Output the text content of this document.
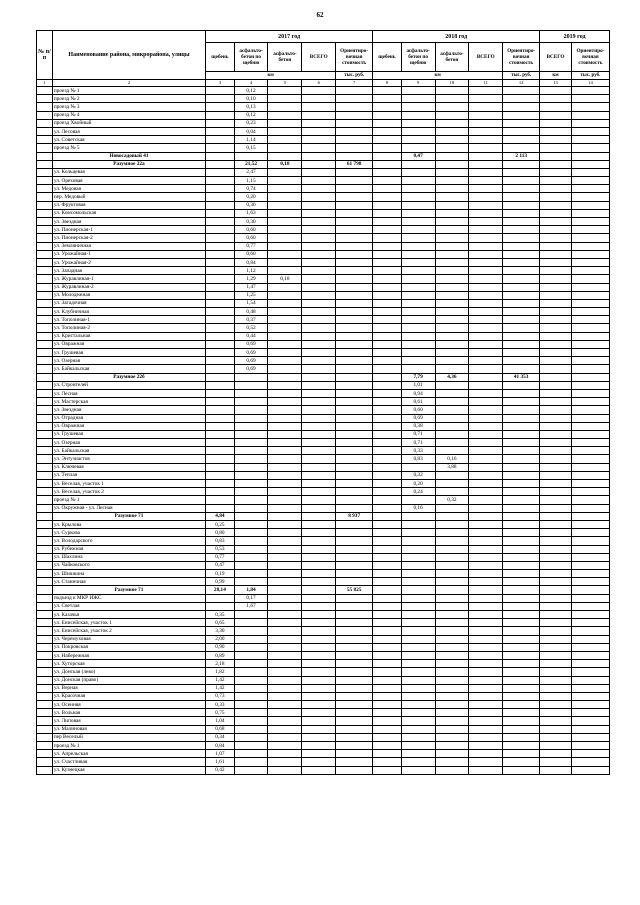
62
№ п/п	Наименование района, микрорайона, улицы	2017 год					2018 год					2019 год	
		щебень	асфальто-бетон по щебню	асфальто-бетон	ВСЕГО	Ориентиро-вочная стоимость	щебень	асфальто-бетон по щебню	асфальто-бетон	ВСЕГО	Ориентиро-вочная стоимость	ВСЕГО	Ориентиро-вочная стоимость
		км				тыс. руб.	км				тыс. руб.	км	тыс. руб.
1	2	3	4	5	6	7	8	9	10	11	12	13	14
	проезд № 1		0,12										
	проезд № 2		0,10										
	проезд № 3		0,13										
	проезд № 4		0,12										
	проезд Хвойный		0,23										
	ул. Лесовая		0,04										
	ул. Советская		1,14										
	проезд № 5		0,15										
	Новосадовый 41							0,47			2 113		
	Разумное 22а		21,52	0,18		61 798							
	ул. Кольцевая		2,47										
	ул. Ореховая		1,15										
	ул. Медовая		0,74										
	пер. Медовый		0,20										
	ул. Фруктовая		0,36										
	ул. Комсомольская		1,63										
	ул. Звездная		0,30										
	ул. Пионерская-1		0,60										
	ул. Пионерская-2		0,60										
	ул. Земляничная		0,77										
	ул. Урожайная-1		0,60										
	ул. Урожайная-2		0,84										
	ул. Западная		1,12										
	ул. Журавлиная-1		1,29	0,18									
	ул. Журавлиная-2		1,47										
	ул. Молодежная		1,25										
	ул. Загадочная		1,54										
	ул. Клубничная		0,48										
	ул. Тополиная-1		0,37										
	ул. Тополиная-2		0,52										
	ул. Кристальная		0,44										
	ул. Овражная		0,69										
	ул. Грушевая		0,69										
	ул. Озерная		0,69										
	ул. Байкальская		0,69										
	Разумное 22б							7,79	4,36		41 353		
	ул. Строителей							1,01					
	ул. Лесная							0,94					
	ул. Мастерская							0,61					
	ул. Звездная							0,60					
	ул. Отрадная							0,69					
	ул. Овражная							0,38					
	ул. Грушевая							0,71					
	ул. Озерная							0,71					
	ул. Байкальская							0,33					
	ул. Энтузиастов							0,83	0,16				
	ул. Ключевая								3,88				
	ул. Теплая							0,32					
	ул. Веселая, участок 1							0,20					
	ул. Веселая, участок 2							0,24					
	проезд № 1								0,32				
	ул. Окружная - ул. Лесная							0,16					
	Разумное 71	4,84				8 937							
	ул. Крылова	0,25											
	ул. Суркова	0,80											
	ул. Володарского	0,83											
	ул. Рубежная	0,53											
	ул. Шахлина	0,77											
	ул. Чайковского	0,47											
	ул. Шишкина	0,19											
	ул. Станичная	0,99											
	Разумное 71	28,14	1,84			55 825							
	подъезд к МКР ИЖС		0,17										
	ул. Светлая		1,67										
	ул. Казачья	0,35											
	ул. Енисейская, участок 1	0,65											
	ул. Енисейская, участок 2	3,30											
	ул. Черемуховая	2,00											
	ул. Покровская	0,90											
	ул. Набережная	0,89											
	ул. Хуторская	2,18											
	ул. Донская (лево)	1,82											
	ул. Донская (право)	1,42											
	ул. Верная	1,42											
	ул. Красочная	0,73											
	ул. Осенняя	0,33											
	ул. Вольная	0,75											
	ул. Липовая	1,04											
	ул. Малиновая	0,68											
	пер Веселый	0,34											
	проезд № 1	0,84											
	ул. Апрельская	1,07											
	ул. Счастливая	1,61											
	ул. Кузнецкая	0,42											
